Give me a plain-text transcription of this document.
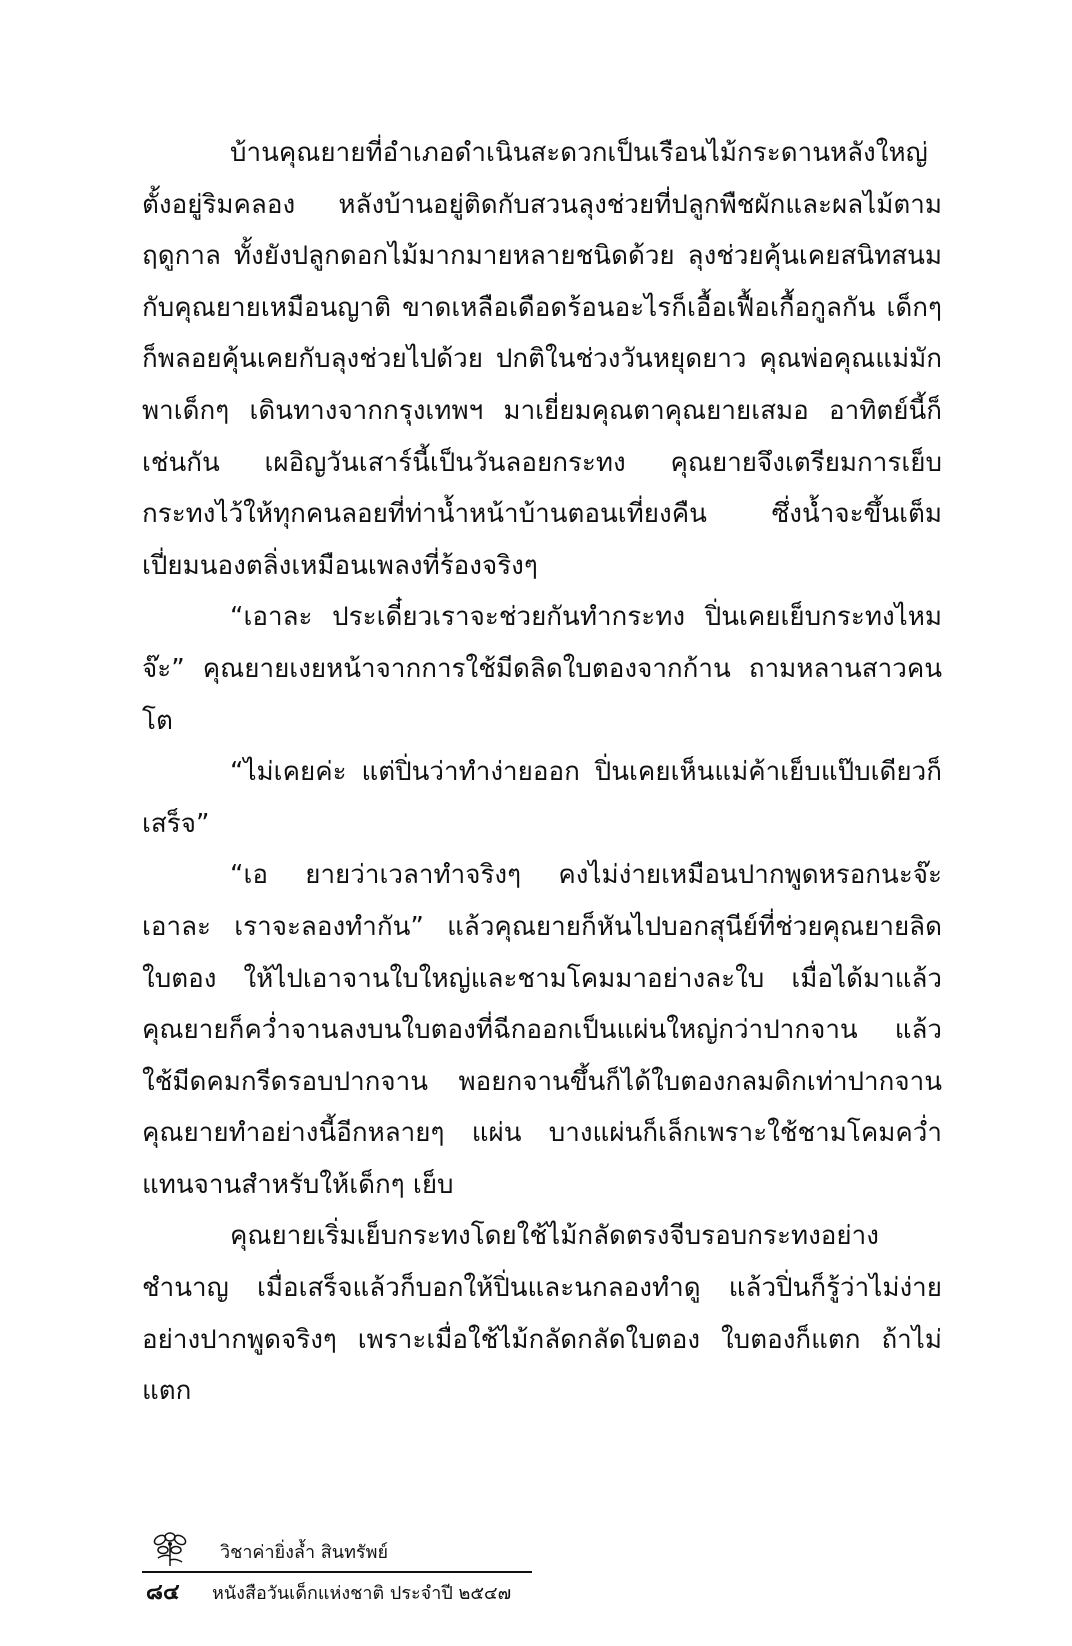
บ้านคุณยายที่อำเภอดำเนินสะดวกเป็นเรือนไม้กระดานหลังใหญ่ตั้งอยู่ริมคลอง หลังบ้านอยู่ติดกับสวนลุงช่วยที่ปลูกพืชผักและผลไม้ตามฤดูกาล ทั้งยังปลูกดอกไม้มากมายหลายชนิดด้วย ลุงช่วยคุ้นเคยสนิทสนมกับคุณยายเหมือนญาติ ขาดเหลือเดือดร้อนอะไรก็เอื้อเฟื้อเกื้อกูลกัน เด็กๆก็พลอยคุ้นเคยกับลุงช่วยไปด้วย ปกติในช่วงวันหยุดยาว คุณพ่อคุณแม่มักพาเด็กๆ เดินทางจากกรุงเทพฯ มาเยี่ยมคุณตาคุณยายเสมอ อาทิตย์นี้ก็เช่นกัน เผอิญวันเสาร์นี้เป็นวันลอยกระทง คุณยายจึงเตรียมการเย็บกระทงไว้ให้ทุกคนลอยที่ท่าน้ำหน้าบ้านตอนเที่ยงคืน ซึ่งน้ำจะขึ้นเต็มเปี่ยมนองตลิ่งเหมือนเพลงที่ร้องจริงๆ

“เอาละ ประเดี๋ยวเราจะช่วยกันทำกระทง ปิ่นเคยเย็บกระทงไหมจ๊ะ” คุณยายเงยหน้าจากการใช้มีดลิดใบตองจากก้าน ถามหลานสาวคนโต

“ไม่เคยค่ะ แต่ปิ่นว่าทำง่ายออก ปิ่นเคยเห็นแม่ค้าเย็บแป๊บเดียวก็เสร็จ”

“เอ ยายว่าเวลาทำจริงๆ คงไม่ง่ายเหมือนปากพูดหรอกนะจ๊ะเอาละ เราจะลองทำกัน” แล้วคุณยายก็หันไปบอกสุนีย์ที่ช่วยคุณยายลิดใบตอง ให้ไปเอาจานใบใหญ่และชามโคมมาอย่างละใบ เมื่อได้มาแล้วคุณยายก็คว่ำจานลงบนใบตองที่ฉีกออกเป็นแผ่นใหญ่กว่าปากจาน แล้วใช้มีดคมกรีดรอบปากจาน พอยกจานขึ้นก็ได้ใบตองกลมดิกเท่าปากจานคุณยายทำอย่างนี้อีกหลายๆ แผ่น บางแผ่นก็เล็กเพราะใช้ชามโคมคว่ำแทนจานสำหรับให้เด็กๆ เย็บ

คุณยายเริ่มเย็บกระทงโดยใช้ไม้กลัดตรงจีบรอบกระทงอย่างชำนาญ เมื่อเสร็จแล้วก็บอกให้ปิ่นและนกลองทำดู แล้วปิ่นก็รู้ว่าไม่ง่ายอย่างปากพูดจริงๆ เพราะเมื่อใช้ไม้กลัดกลัดใบตอง ใบตองก็แตก ถ้าไม่แตก

วิชาค่ายิ่งล้ำ สินทรัพย์
๘๔ หนังสือวันเด็กแห่งชาติ ประจำปี ๒๕๔๗
